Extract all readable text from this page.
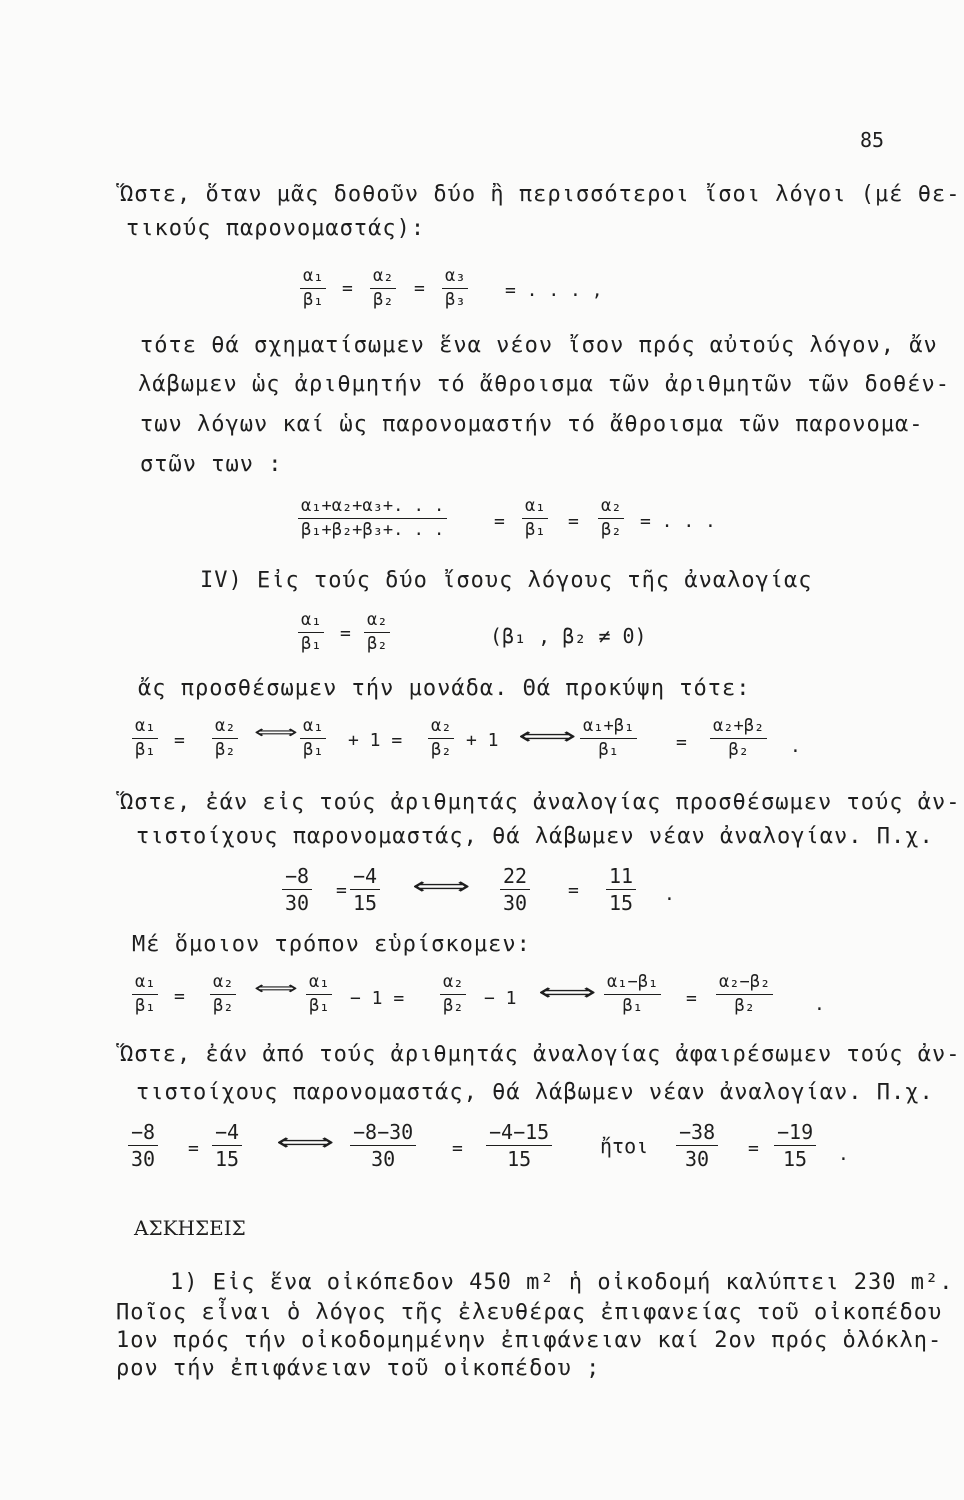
85
Ὥστε, ὅταν μᾶς δοθοῦν δύο ἢ περισσότεροι ἴσοι λόγοι (μέ θε-
τικούς παρονομαστάς):
$\frac{\text{α₁}}{\text{β₁}} = \frac{\text{α₂}}{\text{β₂}} = \frac{\text{α₃}}{\text{β₃}}$ = . . . ,
τότε θά σχηματίσωμεν ἕνα νέον ἴσον πρός αὐτούς λόγον, ἄν
λάβωμεν ὡς ἀριθμητήν τό ἄθροισμα τῶν ἀριθμητῶν τῶν δοθέν-
των λόγων καί ὡς παρονομαστήν τό ἄθροισμα τῶν παρονομα-
στῶν των :
$\frac{\text{α₁+α₂+α₃+. . .}}{\text{β₁+β₂+β₃+. . .}}$	= $\frac{\text{α₁}}{\text{β₁}} = \frac{\text{α₂}}{\text{β₂}}$ = . . .
IV) Εἰς τούς δύο ἴσους λόγους τῆς ἀναλογίας
$\frac{\text{α₁}}{\text{β₁}} = \frac{\text{α₂}}{\text{β₂}}$	(β₁ , β₂ ≠ 0)
ἄς προσθέσωμεν τήν μονάδα. Θά προκύψη τότε:
$\frac{\text{α₁}}{\text{β₁}} = \frac{\text{α₂}}{\text{β₂}}$ ⟺ $\frac{\text{α₁}}{\text{β₁}} + 1 = \frac{\text{α₂}}{\text{β₂}} + 1$ ⟺ $\frac{\text{α₁+β₁}}{\text{β₁}} = \frac{\text{α₂+β₂}}{\text{β₂}}$ .
Ὥστε, ἐάν εἰς τούς ἀριθμητάς ἀναλογίας προσθέσωμεν τούς ἀν-
τιστοίχους παρονομαστάς, θά λάβωμεν νέαν ἀναλογίαν. Π.χ.
$\frac{-8}{30} = \frac{-4}{15}$ ⟺ $\frac{22}{30} = \frac{11}{15}$ .
Μέ ὅμοιον τρόπον εὑρίσκομεν:
$\frac{\text{α₁}}{\text{β₁}} = \frac{\text{α₂}}{\text{β₂}}$ ⟺ $\frac{\text{α₁}}{\text{β₁}} - 1 = \frac{\text{α₂}}{\text{β₂}} - 1$ ⟺ $\frac{\text{α₁−β₁}}{\text{β₁}} = \frac{\text{α₂−β₂}}{\text{β₂}}$ .
Ὥστε, ἐάν ἀπό τούς ἀριθμητάς ἀναλογίας ἀφαιρέσωμεν τούς ἀν-
τιστοίχους παρονομαστάς, θά λάβωμεν νέαν ἀναλογίαν. Π.χ.
$\frac{-8}{30} = \frac{-4}{15}$ ⟺ $\frac{-8-30}{30} = \frac{-4-15}{15}$ ἤτοι $\frac{-38}{30} = \frac{-19}{15}$ .
ΑΣΚΗΣΕΙΣ
1) Εἰς ἕνα οἰκόπεδον 450 m² ἡ οἰκοδομή καλύπτει 230 m².
Ποῖος εἶναι ὁ λόγος τῆς ἐλευθέρας ἐπιφανείας τοῦ οἰκοπέδου
1ον πρός τήν οἰκοδομημένην ἐπιφάνειαν καί 2ον πρός ὁλόκλη-
ρον τήν ἐπιφάνειαν τοῦ οἰκοπέδου ;
